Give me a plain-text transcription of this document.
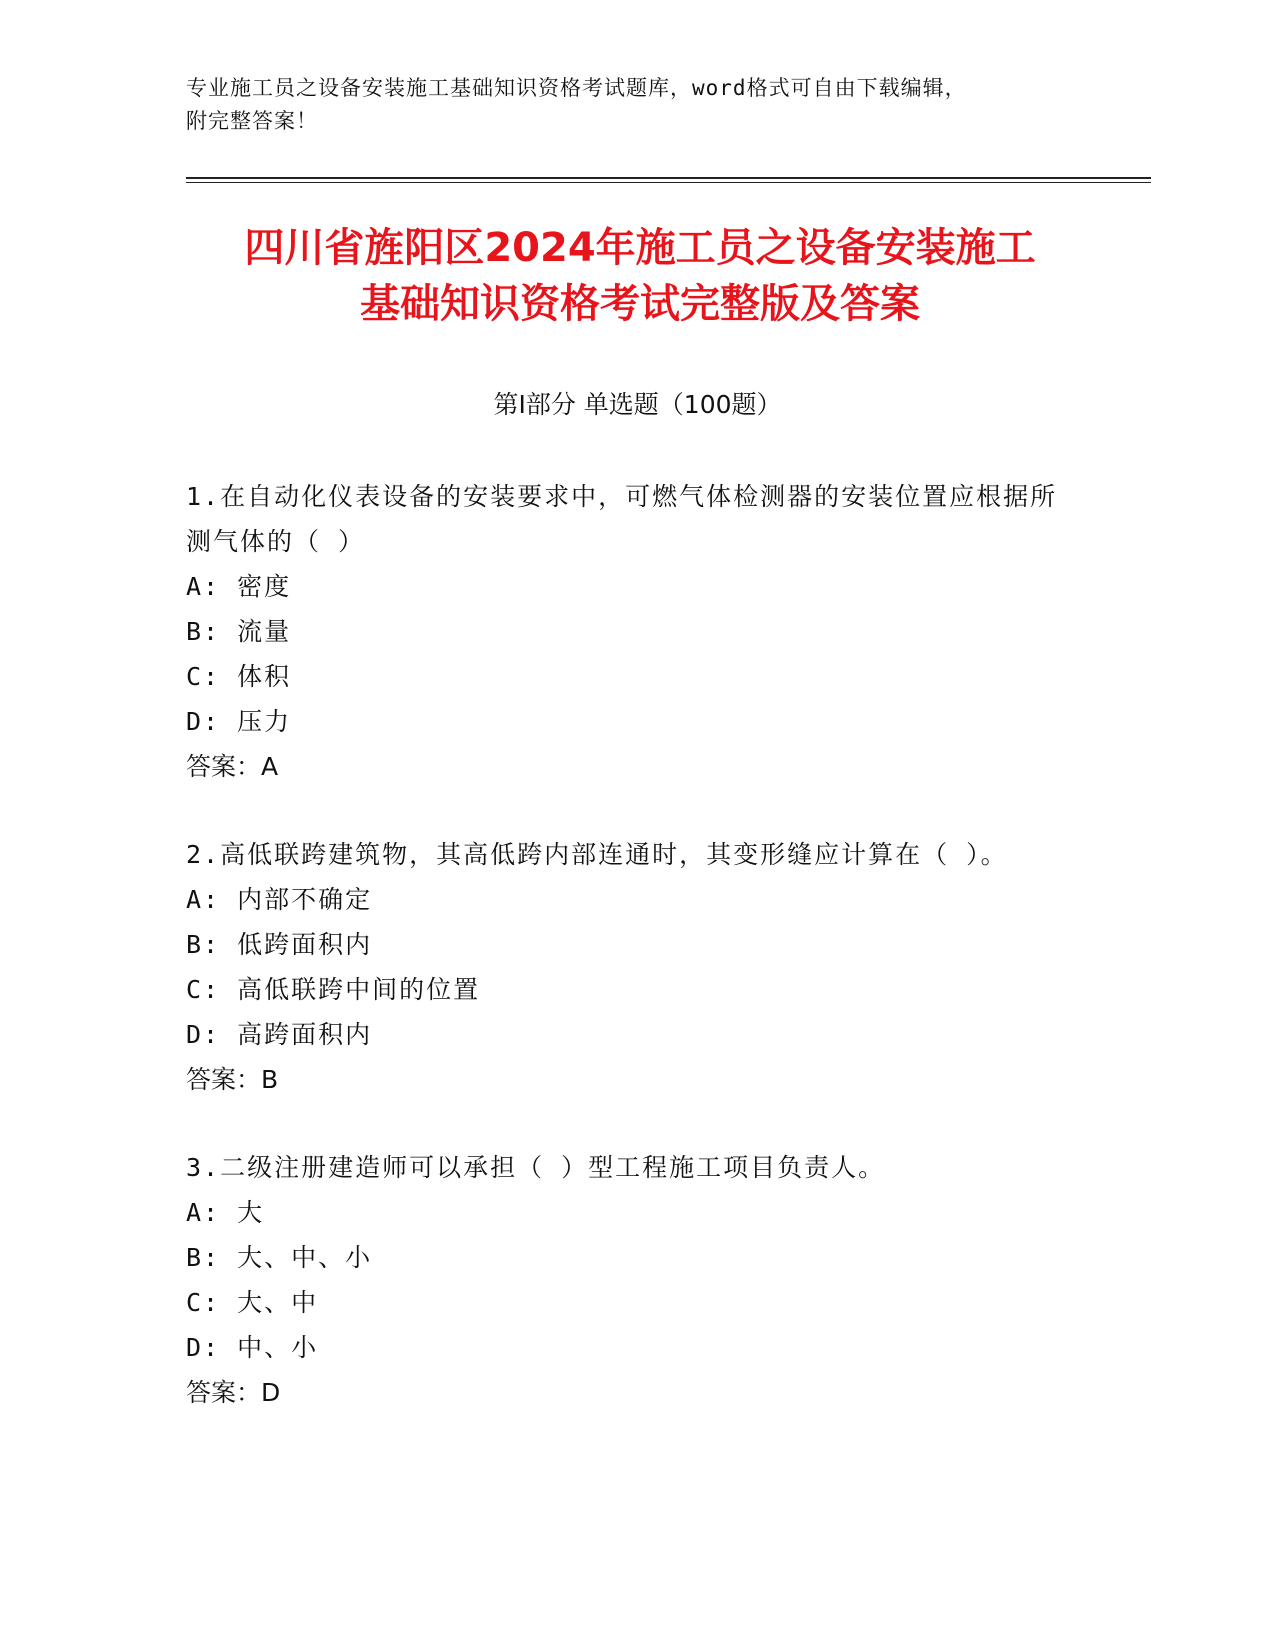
专业施工员之设备安装施工基础知识资格考试题库，word格式可自由下载编辑，
附完整答案！
四川省旌阳区2024年施工员之设备安装施工
基础知识资格考试完整版及答案
第Ⅰ部分 单选题（100题）
1.在自动化仪表设备的安装要求中，可燃气体检测器的安装位置应根据所测气体的（ ）
A: 密度
B: 流量
C: 体积
D: 压力
答案：A
2.高低联跨建筑物，其高低跨内部连通时，其变形缝应计算在（ ）。
A: 内部不确定
B: 低跨面积内
C: 高低联跨中间的位置
D: 高跨面积内
答案：B
3.二级注册建造师可以承担（ ）型工程施工项目负责人。
A: 大
B: 大、中、小
C: 大、中
D: 中、小
答案：D
